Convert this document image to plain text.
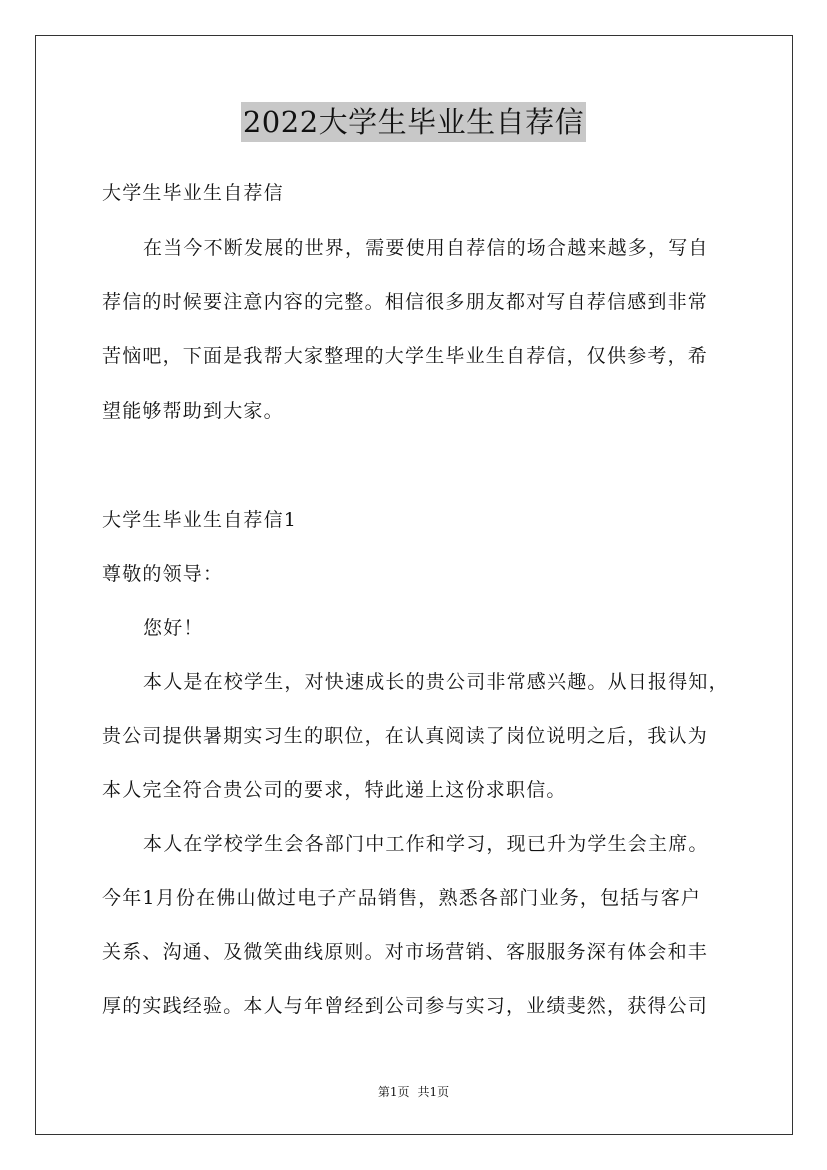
2022大学生毕业生自荐信
大学生毕业生自荐信
在当今不断发展的世界，需要使用自荐信的场合越来越多，写自
荐信的时候要注意内容的完整。相信很多朋友都对写自荐信感到非常
苦恼吧，下面是我帮大家整理的大学生毕业生自荐信，仅供参考，希
望能够帮助到大家。
大学生毕业生自荐信1
尊敬的领导：
您好！
本人是在校学生，对快速成长的贵公司非常感兴趣。从日报得知，
贵公司提供暑期实习生的职位，在认真阅读了岗位说明之后，我认为
本人完全符合贵公司的要求，特此递上这份求职信。
本人在学校学生会各部门中工作和学习，现已升为学生会主席。
今年1月份在佛山做过电子产品销售，熟悉各部门业务，包括与客户
关系、沟通、及微笑曲线原则。对市场营销、客服服务深有体会和丰
厚的实践经验。本人与年曾经到公司参与实习，业绩斐然，获得公司
第1页 共1页
